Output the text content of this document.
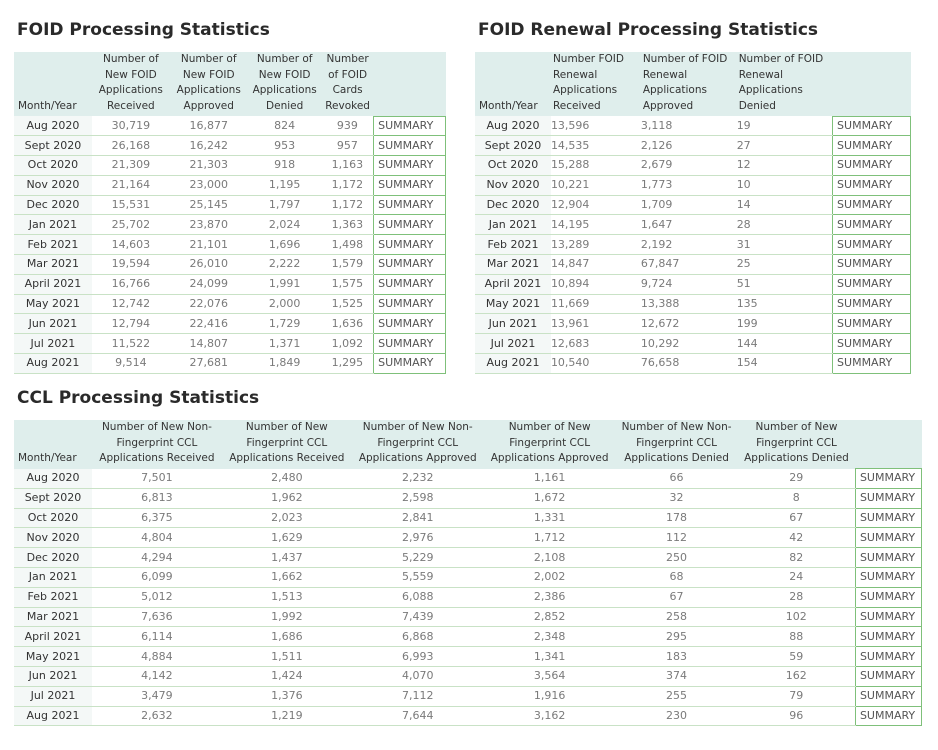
FOID Processing Statistics
Month/Year	Number of New FOID Applications Received	Number of New FOID Applications Approved	Number of New FOID Applications Denied	Number of FOID Cards Revoked	
Aug 2020	30,719	16,877	824	939	SUMMARY
Sept 2020	26,168	16,242	953	957	SUMMARY
Oct 2020	21,309	21,303	918	1,163	SUMMARY
Nov 2020	21,164	23,000	1,195	1,172	SUMMARY
Dec 2020	15,531	25,145	1,797	1,172	SUMMARY
Jan 2021	25,702	23,870	2,024	1,363	SUMMARY
Feb 2021	14,603	21,101	1,696	1,498	SUMMARY
Mar 2021	19,594	26,010	2,222	1,579	SUMMARY
April 2021	16,766	24,099	1,991	1,575	SUMMARY
May 2021	12,742	22,076	2,000	1,525	SUMMARY
Jun 2021	12,794	22,416	1,729	1,636	SUMMARY
Jul 2021	11,522	14,807	1,371	1,092	SUMMARY
Aug 2021	9,514	27,681	1,849	1,295	SUMMARY
FOID Renewal Processing Statistics
Month/Year	Number FOID Renewal Applications Received	Number of FOID Renewal Applications Approved	Number of FOID Renewal Applications Denied	
Aug 2020	13,596	3,118	19	SUMMARY
Sept 2020	14,535	2,126	27	SUMMARY
Oct 2020	15,288	2,679	12	SUMMARY
Nov 2020	10,221	1,773	10	SUMMARY
Dec 2020	12,904	1,709	14	SUMMARY
Jan 2021	14,195	1,647	28	SUMMARY
Feb 2021	13,289	2,192	31	SUMMARY
Mar 2021	14,847	67,847	25	SUMMARY
April 2021	10,894	9,724	51	SUMMARY
May 2021	11,669	13,388	135	SUMMARY
Jun 2021	13,961	12,672	199	SUMMARY
Jul 2021	12,683	10,292	144	SUMMARY
Aug 2021	10,540	76,658	154	SUMMARY
CCL Processing Statistics
Month/Year	Number of New Non-Fingerprint CCL Applications Received	Number of New Fingerprint CCL Applications Received	Number of New Non-Fingerprint CCL Applications Approved	Number of New Fingerprint CCL Applications Approved	Number of New Non-Fingerprint CCL Applications Denied	Number of New Fingerprint CCL Applications Denied	
Aug 2020	7,501	2,480	2,232	1,161	66	29	SUMMARY
Sept 2020	6,813	1,962	2,598	1,672	32	8	SUMMARY
Oct 2020	6,375	2,023	2,841	1,331	178	67	SUMMARY
Nov 2020	4,804	1,629	2,976	1,712	112	42	SUMMARY
Dec 2020	4,294	1,437	5,229	2,108	250	82	SUMMARY
Jan 2021	6,099	1,662	5,559	2,002	68	24	SUMMARY
Feb 2021	5,012	1,513	6,088	2,386	67	28	SUMMARY
Mar 2021	7,636	1,992	7,439	2,852	258	102	SUMMARY
April 2021	6,114	1,686	6,868	2,348	295	88	SUMMARY
May 2021	4,884	1,511	6,993	1,341	183	59	SUMMARY
Jun 2021	4,142	1,424	4,070	3,564	374	162	SUMMARY
Jul 2021	3,479	1,376	7,112	1,916	255	79	SUMMARY
Aug 2021	2,632	1,219	7,644	3,162	230	96	SUMMARY
